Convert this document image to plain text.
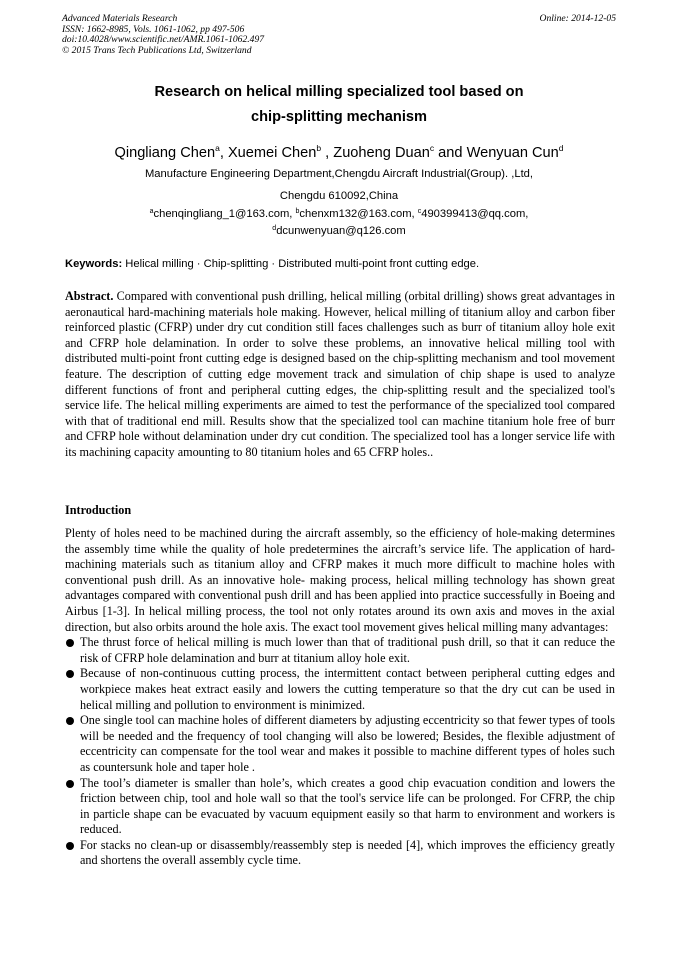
Advanced Materials Research
ISSN: 1662-8985, Vols. 1061-1062, pp 497-506
doi:10.4028/www.scientific.net/AMR.1061-1062.497
© 2015 Trans Tech Publications Ltd, Switzerland
Online: 2014-12-05
Research on helical milling specialized tool based on
chip-splitting mechanism
Qingliang Chen$^a$, Xuemei Chen$^b$ , Zuoheng Duan$^c$ and Wenyuan Cun$^d$
Manufacture Engineering Department,Chengdu Aircraft Industrial(Group). ,Ltd,
Chengdu 610092,China
$^a$chenqingliang_1@163.com, $^b$chenxm132@163.com, $^c$490399413@qq.com,
$^d$dcunwenyuan@q126.com
Keywords: Helical milling · Chip-splitting · Distributed multi-point front cutting edge.
Abstract. Compared with conventional push drilling, helical milling (orbital drilling) shows great advantages in aeronautical hard-machining materials hole making. However, helical milling of titanium alloy and carbon fiber reinforced plastic (CFRP) under dry cut condition still faces challenges such as burr of titanium alloy hole exit and CFRP hole delamination. In order to solve these problems, an innovative helical milling tool with distributed multi-point front cutting edge is designed based on the chip-splitting mechanism and tool movement feature. The description of cutting edge movement track and simulation of chip shape is used to analyze different functions of front and peripheral cutting edges, the chip-splitting result and the specialized tool's service life. The helical milling experiments are aimed to test the performance of the specialized tool compared with that of traditional end mill. Results show that the specialized tool can machine titanium hole free of burr and CFRP hole without delamination under dry cut condition. The specialized tool has a longer service life with its machining capacity amounting to 80 titanium holes and 65 CFRP holes..
Introduction

Plenty of holes need to be machined during the aircraft assembly, so the efficiency of hole-making determines the assembly time while the quality of hole predetermines the aircraft’s service life. The application of hard-machining materials such as titanium alloy and CFRP makes it much more difficult to machine holes with conventional push drill. As an innovative hole- making process, helical milling technology has shown great advantages compared with conventional push drill and has been applied into practice successfully in Boeing and Airbus [1-3]. In helical milling process, the tool not only rotates around its own axis and moves in the axial direction, but also orbits around the hole axis. The exact tool movement gives helical milling many advantages:

The thrust force of helical milling is much lower than that of traditional push drill, so that it can reduce the risk of CFRP hole delamination and burr at titanium alloy hole exit.
Because of non-continuous cutting process, the intermittent contact between peripheral cutting edges and workpiece makes heat extract easily and lowers the cutting temperature so that the dry cut can be used in helical milling and pollution to environment is minimized.
One single tool can machine holes of different diameters by adjusting eccentricity so that fewer types of tools will be needed and the frequency of tool changing will also be lowered; Besides, the flexible adjustment of eccentricity can compensate for the tool wear and makes it possible to machine different types of holes such as countersunk hole and taper hole .
The tool’s diameter is smaller than hole’s, which creates a good chip evacuation condition and lowers the friction between chip, tool and hole wall so that the tool's service life can be prolonged. For CFRP, the chip in particle shape can be evacuated by vacuum equipment easily so that harm to environment and workers is reduced.
For stacks no clean-up or disassembly/reassembly step is needed [4], which improves the efficiency greatly and shortens the overall assembly cycle time.
